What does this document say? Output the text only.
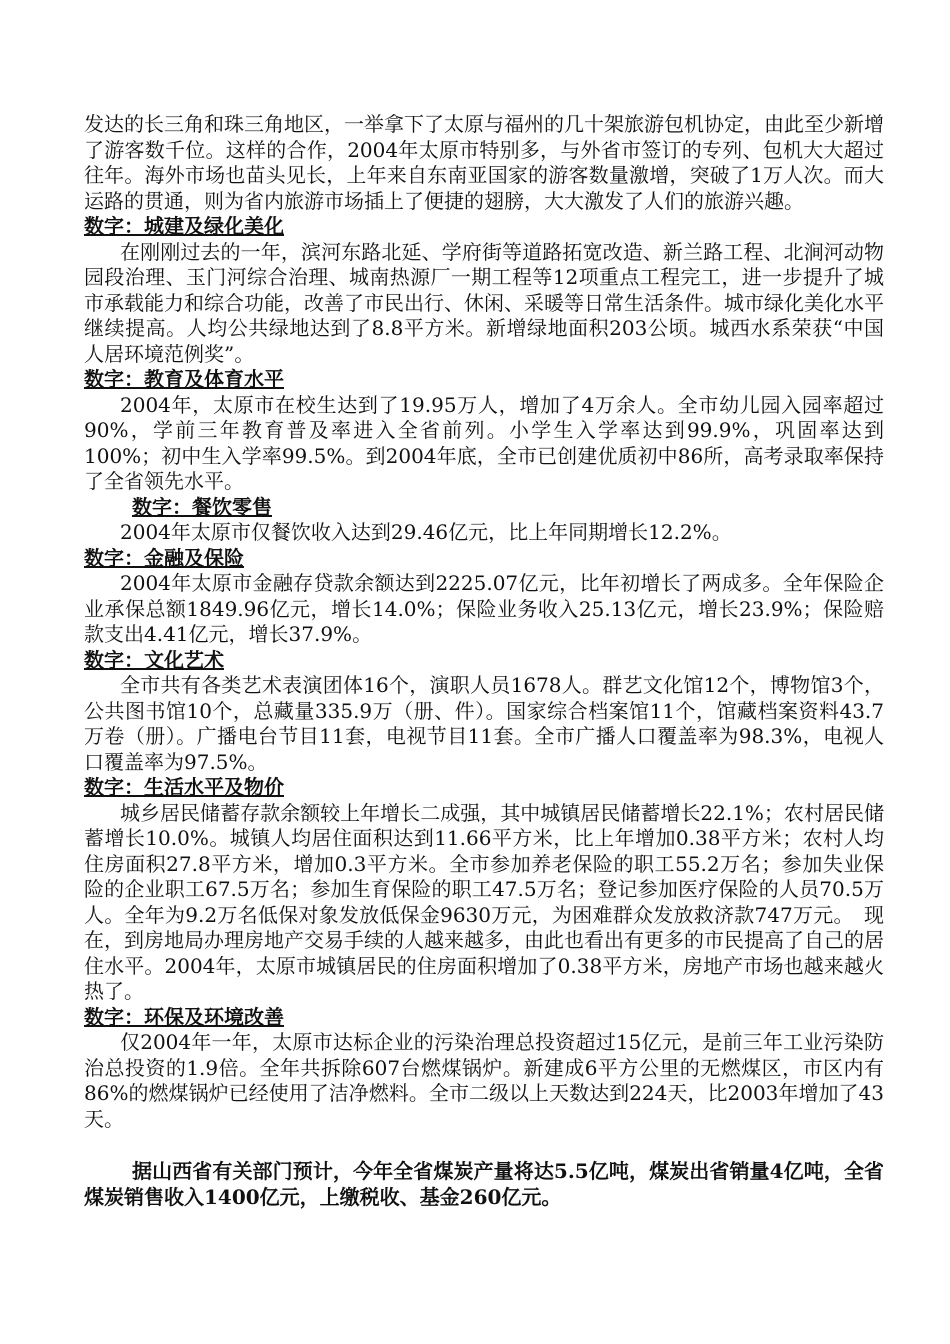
发达的长三角和珠三角地区，一举拿下了太原与福州的几十架旅游包机协定，由此至少新增了游客数千位。这样的合作，2004年太原市特别多，与外省市签订的专列、包机大大超过往年。海外市场也苗头见长，上年来自东南亚国家的游客数量激增，突破了1万人次。而大运路的贯通，则为省内旅游市场插上了便捷的翅膀，大大激发了人们的旅游兴趣。

数字：城建及绿化美化

在刚刚过去的一年，滨河东路北延、学府街等道路拓宽改造、新兰路工程、北涧河动物园段治理、玉门河综合治理、城南热源厂一期工程等12项重点工程完工，进一步提升了城市承载能力和综合功能，改善了市民出行、休闲、采暖等日常生活条件。城市绿化美化水平继续提高。人均公共绿地达到了8.8平方米。新增绿地面积203公顷。城西水系荣获“中国人居环境范例奖”。

数字：教育及体育水平

2004年，太原市在校生达到了19.95万人，增加了4万余人。全市幼儿园入园率超过90%，学前三年教育普及率进入全省前列。小学生入学率达到99.9%，巩固率达到100%；初中生入学率99.5%。到2004年底，全市已创建优质初中86所，高考录取率保持了全省领先水平。

数字：餐饮零售

2004年太原市仅餐饮收入达到29.46亿元，比上年同期增长12.2%。

数字：金融及保险

2004年太原市金融存贷款余额达到2225.07亿元，比年初增长了两成多。全年保险企业承保总额1849.96亿元，增长14.0%；保险业务收入25.13亿元，增长23.9%；保险赔款支出4.41亿元，增长37.9%。

数字：文化艺术

全市共有各类艺术表演团体16个，演职人员1678人。群艺文化馆12个，博物馆3个，公共图书馆10个，总藏量335.9万（册、件）。国家综合档案馆11个，馆藏档案资料43.7万卷（册）。广播电台节目11套，电视节目11套。全市广播人口覆盖率为98.3%，电视人口覆盖率为97.5%。

数字：生活水平及物价

城乡居民储蓄存款余额较上年增长二成强，其中城镇居民储蓄增长22.1%；农村居民储蓄增长10.0%。城镇人均居住面积达到11.66平方米，比上年增加0.38平方米；农村人均住房面积27.8平方米，增加0.3平方米。全市参加养老保险的职工55.2万名；参加失业保险的企业职工67.5万名；参加生育保险的职工47.5万名；登记参加医疗保险的人员70.5万人。全年为9.2万名低保对象发放低保金9630万元，为困难群众发放救济款747万元。　现在，到房地局办理房地产交易手续的人越来越多，由此也看出有更多的市民提高了自己的居住水平。2004年，太原市城镇居民的住房面积增加了0.38平方米，房地产市场也越来越火热了。

数字：环保及环境改善

仅2004年一年，太原市达标企业的污染治理总投资超过15亿元，是前三年工业污染防治总投资的1.9倍。全年共拆除607台燃煤锅炉。新建成6平方公里的无燃煤区，市区内有86%的燃煤锅炉已经使用了洁净燃料。全市二级以上天数达到224天，比2003年增加了43天。

据山西省有关部门预计，今年全省煤炭产量将达5.5亿吨，煤炭出省销量4亿吨，全省煤炭销售收入1400亿元，上缴税收、基金260亿元。
